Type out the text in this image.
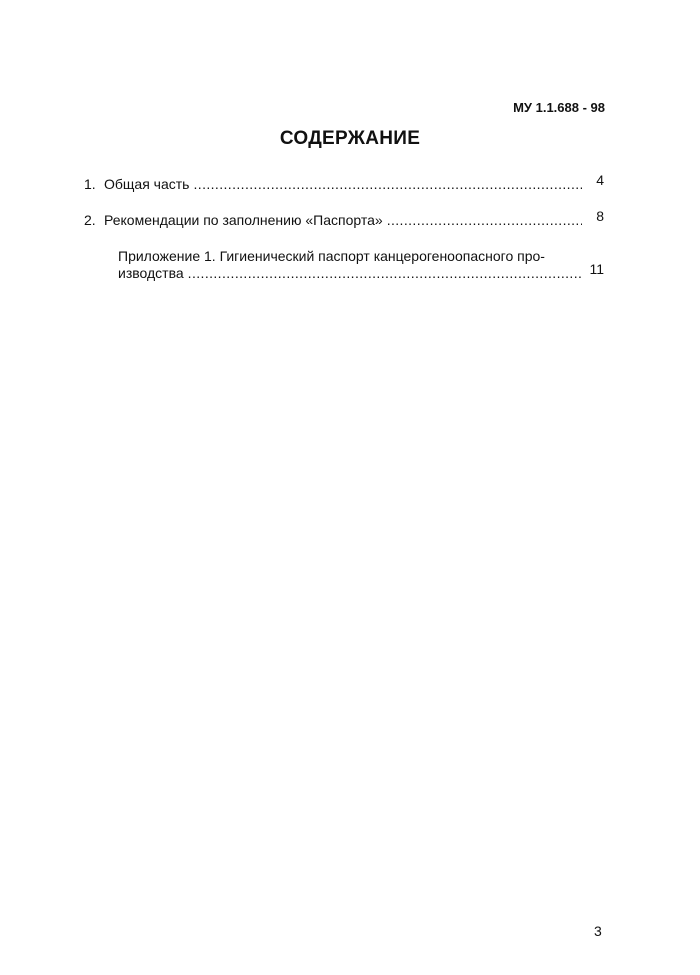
МУ 1.1.688 - 98
СОДЕРЖАНИЕ
1. Общая часть .....	4
2. Рекомендации по заполнению «Паспорта» .....	8
Приложение 1. Гигиенический паспорт канцерогеноопасного про-
изводства .....	11
3
